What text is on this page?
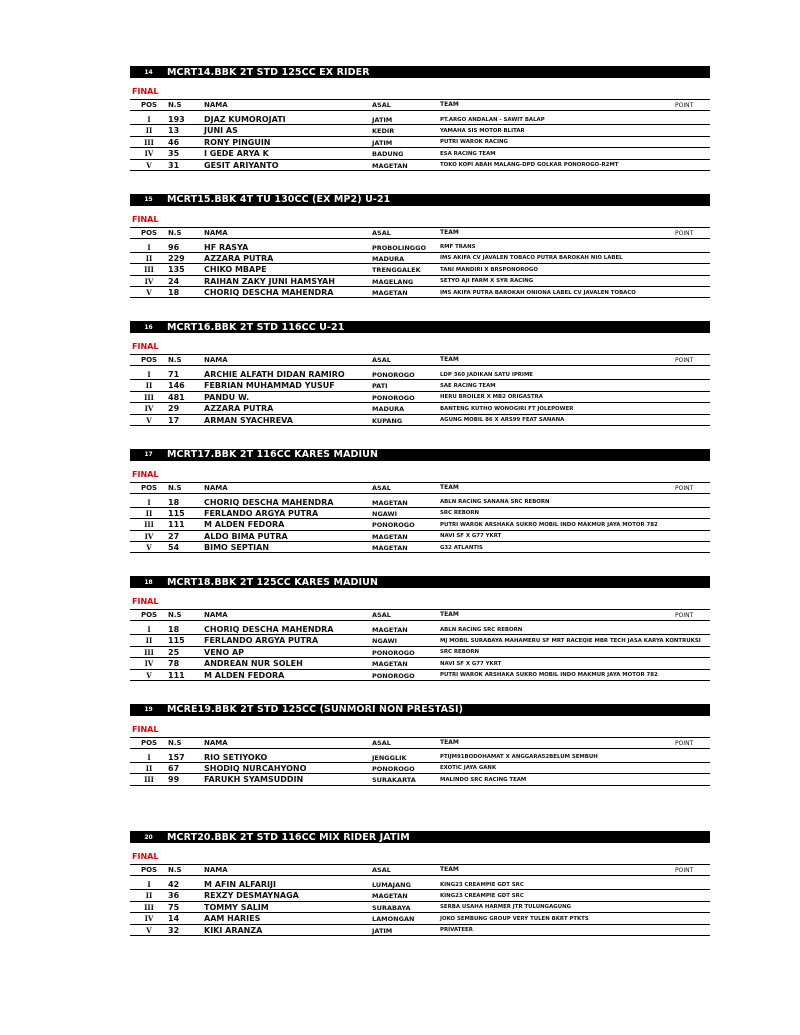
14	MCRT14.BBK 2T STD 125CC EX RIDER
FINAL
POS	N.S	NAMA	ASAL	TEAM	POINT
I	193 DJAZ KUMOROJATI	JATIM	PT.ARGO ANDALAN - SAWIT BALAP
II	13	JUNI AS	KEDIR	YAMAHA SIS MOTOR BLITAR
III	46	RONY PINGUIN	JATIM	PUTRI WAROK RACING
IV	35	I GEDE ARYA K	BADUNG	ESA RACING TEAM
V	31	GESIT ARIYANTO	MAGETAN	TOKO KOPI ABAH MALANG-DPD GOLKAR PONOROGO-R2MT
15	MCRT15.BBK 4T TU 130CC (EX MP2) U-21
FINAL
POS	N.S	NAMA	ASAL	TEAM	POINT
I	96	HF RASYA	PROBOLINGGO	RMF TRANS
II	229 AZZARA PUTRA	MADURA	IMS AKIFA CV JAVALEN TOBACO PUTRA BAROKAH NIO LABEL
III	135 CHIKO MBAPE	TRENGGALEK	TANI MANDIRI X BRSPONOROGO
IV	24	RAIHAN ZAKY JUNI HAMSYAH	MAGELANG	SETYO AJI FARM X SYR RACING
V	18	CHORIQ DESCHA MAHENDRA	MAGETAN	IMS AKIFA PUTRA BAROKAH ONIONA LABEL CV JAVALEN TOBACO
16	MCRT16.BBK 2T STD 116CC U-21
FINAL
POS	N.S	NAMA	ASAL	TEAM	POINT
I	71	ARCHIE ALFATH DIDAN RAMIRO	PONOROGO	LDP 360 JADIKAN SATU IPRIME
II	146 FEBRIAN MUHAMMAD YUSUF	PATI	SAE RACING TEAM
III	481 PANDU W.	PONOROGO	HERU BROILER X MB2 ORIGASTRA
IV	29	AZZARA PUTRA	MADURA	BANTENG KUTHO WONOGIRI FT JOLEPOWER
V	17	ARMAN SYACHREVA	KUPANG	AGUNG MOBIL 86 X ARS99 FEAT SANANA
17	MCRT17.BBK 2T 116CC KARES MADIUN
FINAL
POS	N.S	NAMA	ASAL	TEAM	POINT
I	18	CHORIQ DESCHA MAHENDRA	MAGETAN	ABLN RACING SANANA SRC REBORN
II	115 FERLANDO ARGYA PUTRA	NGAWI	SRC REBORN
III	111 M ALDEN FEDORA	PONOROGO	PUTRI WAROK ARSHAKA SUKRO MOBIL INDO MAKMUR JAYA MOTOR 782
IV	27	ALDO BIMA PUTRA	MAGETAN	NAVI SF X G77 YKRT
V	54	BIMO SEPTIAN	MAGETAN	G32 ATLANTIS
18	MCRT18.BBK 2T 125CC KARES MADIUN
FINAL
POS	N.S	NAMA	ASAL	TEAM	POINT
I	18	CHORIQ DESCHA MAHENDRA	MAGETAN	ABLN RACING SRC REBORN
II	115 FERLANDO ARGYA PUTRA	NGAWI	MJ MOBIL SURABAYA MAHAMERU SF MRT RACEQIE MBR TECH JASA KARYA KONTRUKSI
III	25	VENO AP	PONOROGO	SRC REBORN
IV	78	ANDREAN NUR SOLEH	MAGETAN	NAVI SF X G77 YKRT
V	111 M ALDEN FEDORA	PONOROGO	PUTRI WAROK ARSHAKA SUKRO MOBIL INDO MAKMUR JAYA MOTOR 782
19	MCRE19.BBK 2T STD 125CC (SUNMORI NON PRESTASI)
FINAL
POS	N.S	NAMA	ASAL	TEAM	POINT
I	157 RIO SETIYOKO	JENGGLIK	PTIJM91BODOHAMAT X ANGGARA52BELUM SEMBUH
II	67	SHODIQ NURCAHYONO	PONOROGO	EXOTIC JAYA GANK
III	99	FARUKH SYAMSUDDIN	SURAKARTA	MALINDO SRC RACING TEAM
20	MCRT20.BBK 2T STD 116CC MIX RIDER JATIM
FINAL
POS	N.S	NAMA	ASAL	TEAM	POINT
I	42	M AFIN ALFARIJI	LUMAJANG	KING23 CREAMPIE GDT SRC
II	36	REXZY DESMAYNAGA	MAGETAN	KING23 CREAMPIE GDT SRC
III	75	TOMMY SALIM	SURABAYA	SERBA USAHA HARMER JTR TULUNGAGUNG
IV	14	AAM HARIES	LAMONGAN	JOKO SEMBUNG GROUP VERY TULEN BKRT PTKTS
V	32	KIKI ARANZA	JATIM	PRIVATEER
